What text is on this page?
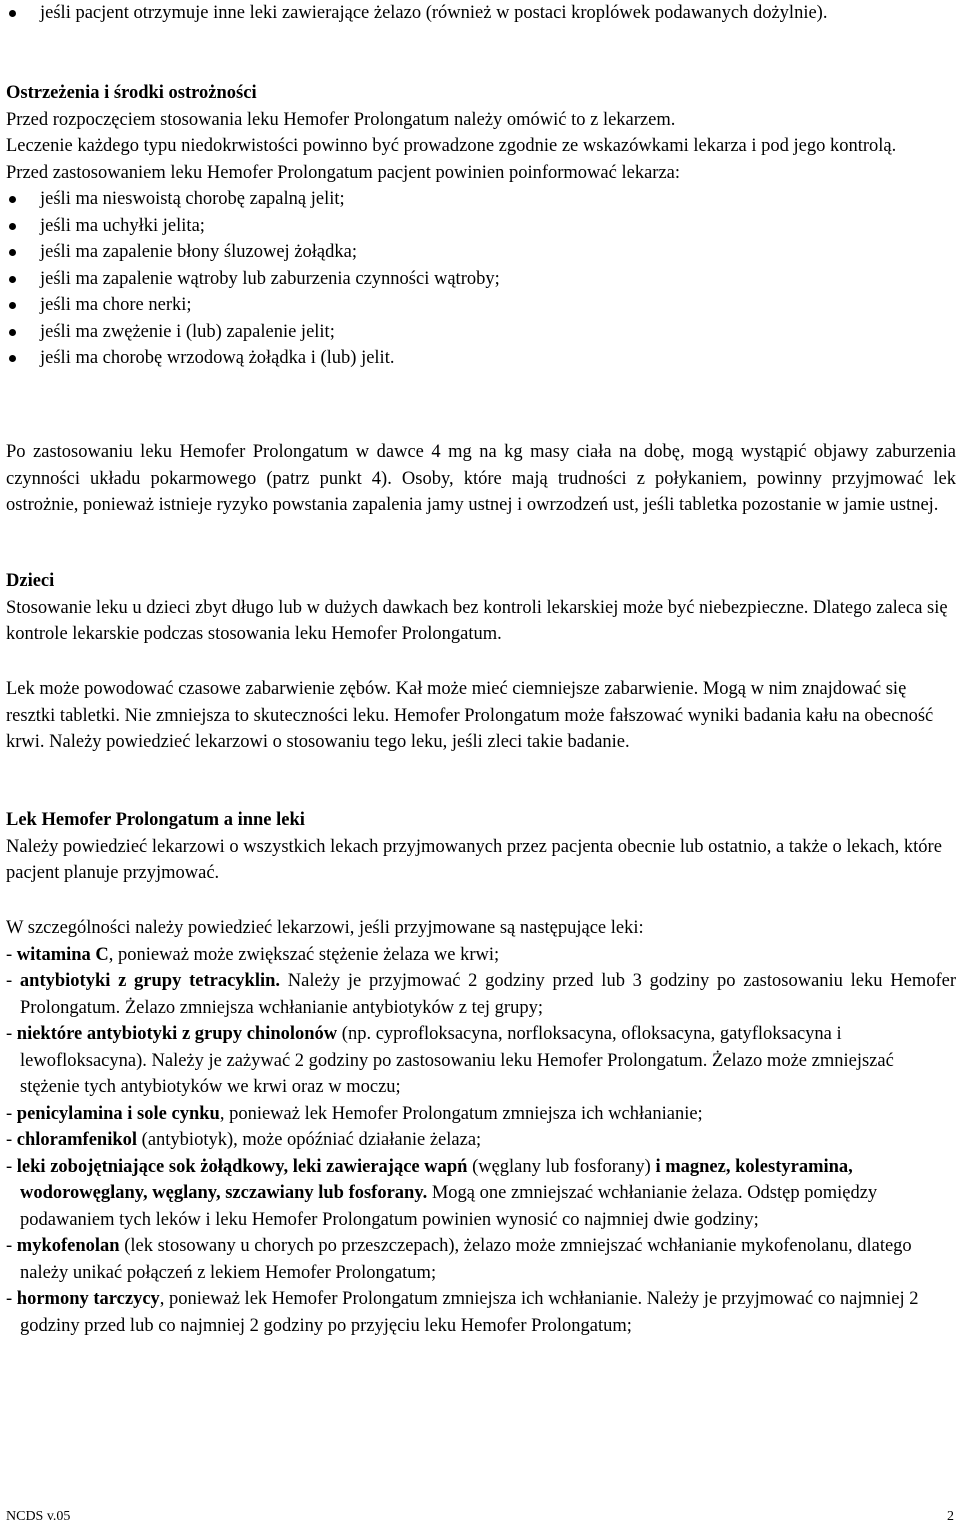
jeśli pacjent otrzymuje inne leki zawierające żelazo (również w postaci kroplówek podawanych dożylnie).

Ostrzeżenia i środki ostrożności

Przed rozpoczęciem stosowania leku Hemofer Prolongatum należy omówić to z lekarzem.

Leczenie każdego typu niedokrwistości powinno być prowadzone zgodnie ze wskazówkami lekarza i pod jego kontrolą.

Przed zastosowaniem leku Hemofer Prolongatum pacjent powinien poinformować lekarza:

jeśli ma nieswoistą chorobę zapalną jelit;

jeśli ma uchyłki jelita;

jeśli ma zapalenie błony śluzowej żołądka;

jeśli ma zapalenie wątroby lub zaburzenia czynności wątroby;

jeśli ma chore nerki;

jeśli ma zwężenie i (lub) zapalenie jelit;

jeśli ma chorobę wrzodową żołądka i (lub) jelit.

Po zastosowaniu leku Hemofer Prolongatum w dawce 4 mg na kg masy ciała na dobę, mogą wystąpić objawy zaburzenia czynności układu pokarmowego (patrz punkt 4). Osoby, które mają trudności z połykaniem, powinny przyjmować lek ostrożnie, ponieważ istnieje ryzyko powstania zapalenia jamy ustnej i owrzodzeń ust, jeśli tabletka pozostanie w jamie ustnej.

Dzieci

Stosowanie leku u dzieci zbyt długo lub w dużych dawkach bez kontroli lekarskiej może być niebezpieczne. Dlatego zaleca się kontrole lekarskie podczas stosowania leku Hemofer Prolongatum.

Lek może powodować czasowe zabarwienie zębów. Kał może mieć ciemniejsze zabarwienie. Mogą w nim znajdować się resztki tabletki. Nie zmniejsza to skuteczności leku. Hemofer Prolongatum może fałszować wyniki badania kału na obecność krwi. Należy powiedzieć lekarzowi o stosowaniu tego leku, jeśli zleci takie badanie.

Lek Hemofer Prolongatum a inne leki

Należy powiedzieć lekarzowi o wszystkich lekach przyjmowanych przez pacjenta obecnie lub ostatnio, a także o lekach, które pacjent planuje przyjmować.

W szczególności należy powiedzieć lekarzowi, jeśli przyjmowane są następujące leki:

- witamina C, ponieważ może zwiększać stężenie żelaza we krwi;

- antybiotyki z grupy tetracyklin. Należy je przyjmować 2 godziny przed lub 3 godziny po zastosowaniu leku Hemofer Prolongatum. Żelazo zmniejsza wchłanianie antybiotyków z tej grupy;

- niektóre antybiotyki z grupy chinolonów (np. cyprofloksacyna, norfloksacyna, ofloksacyna, gatyfloksacyna i lewofloksacyna). Należy je zażywać 2 godziny po zastosowaniu leku Hemofer Prolongatum. Żelazo może zmniejszać stężenie tych antybiotyków we krwi oraz w moczu;

- penicylamina i sole cynku, ponieważ lek Hemofer Prolongatum zmniejsza ich wchłanianie;

- chloramfenikol (antybiotyk), może opóźniać działanie żelaza;

- leki zobojętniające sok żołądkowy, leki zawierające wapń (węglany lub fosforany) i magnez, kolestyramina, wodorowęglany, węglany, szczawiany lub fosforany. Mogą one zmniejszać wchłanianie żelaza. Odstęp pomiędzy podawaniem tych leków i leku Hemofer Prolongatum powinien wynosić co najmniej dwie godziny;

- mykofenolan (lek stosowany u chorych po przeszczepach), żelazo może zmniejszać wchłanianie mykofenolanu, dlatego należy unikać połączeń z lekiem Hemofer Prolongatum;

- hormony tarczycy, ponieważ lek Hemofer Prolongatum zmniejsza ich wchłanianie. Należy je przyjmować co najmniej 2 godziny przed lub co najmniej 2 godziny po przyjęciu leku Hemofer Prolongatum;

NCDS v.05	2
